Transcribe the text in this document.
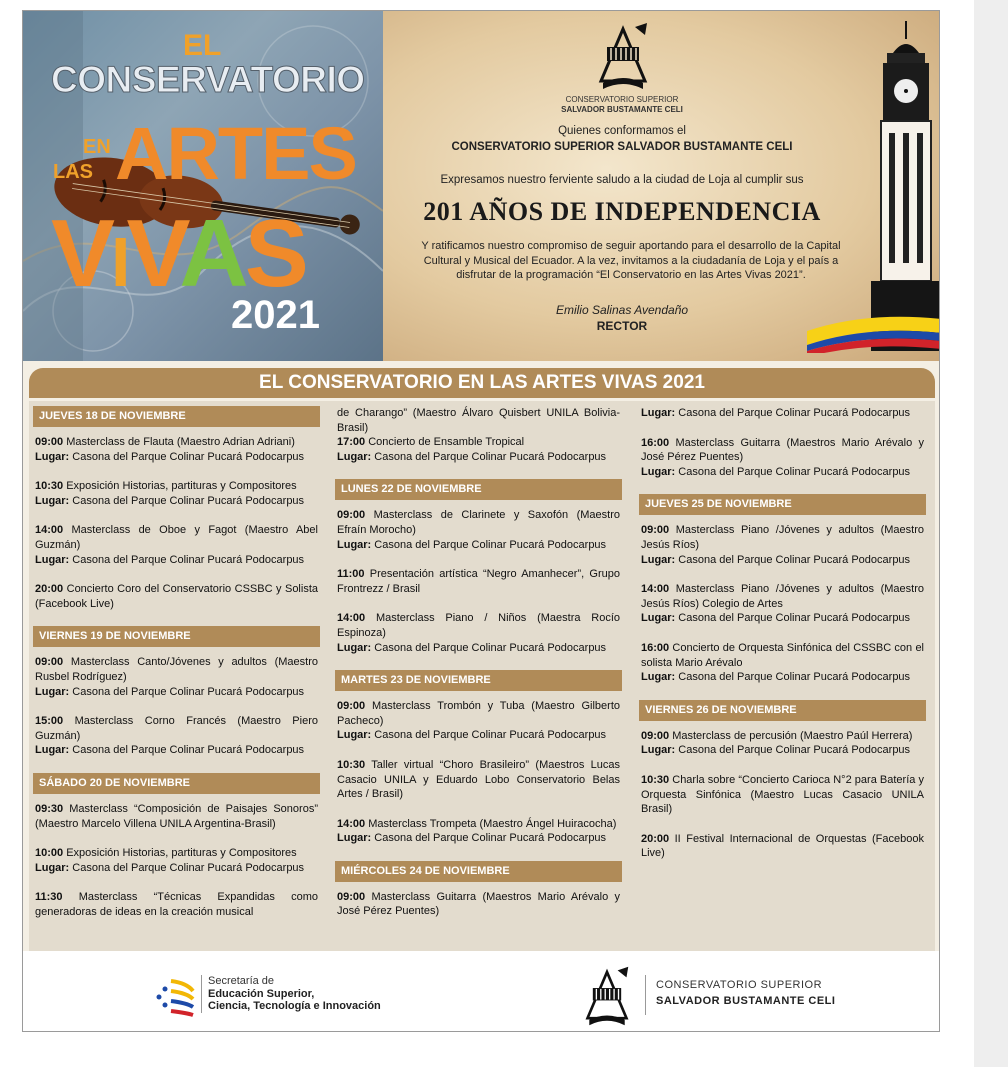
EL
CONSERVATORIO
ARTES
EN
LAS
VIVAS
2021
CONSERVATORIO SUPERIOR
SALVADOR BUSTAMANTE CELI
Quienes conformamos el
CONSERVATORIO SUPERIOR SALVADOR BUSTAMANTE CELI
Expresamos nuestro ferviente saludo a la ciudad de Loja al cumplir sus
201 AÑOS DE INDEPENDENCIA
Y ratificamos nuestro compromiso de seguir aportando para el desarrollo de la Capital Cultural y Musical del Ecuador. A la vez, invitamos a la ciudadanía de Loja y el país a disfrutar de la programación “El Conservatorio en las Artes Vivas 2021”.
Emilio Salinas Avendaño
RECTOR
EL CONSERVATORIO EN LAS ARTES VIVAS 2021
JUEVES 18 DE NOVIEMBRE

09:00 Masterclass de Flauta (Maestro Adrian Adriani)

Lugar: Casona del Parque Colinar Pucará Podocarpus

10:30 Exposición Historias, partituras y Compositores

Lugar: Casona del Parque Colinar Pucará Podocarpus

14:00 Masterclass de Oboe y Fagot (Maestro Abel Guzmán)

Lugar: Casona del Parque Colinar Pucará Podocarpus

20:00 Concierto Coro del Conservatorio CSSBC y Solista (Facebook Live)

VIERNES 19 DE NOVIEMBRE

09:00 Masterclass Canto/Jóvenes y adultos (Maestro Rusbel Rodríguez)

Lugar: Casona del Parque Colinar Pucará Podocarpus

15:00 Masterclass Corno Francés (Maestro Piero Guzmán)

Lugar: Casona del Parque Colinar Pucará Podocarpus

SÁBADO 20 DE NOVIEMBRE

09:30 Masterclass “Composición de Paisajes Sonoros” (Maestro Marcelo Villena UNILA Argentina-Brasil)

10:00 Exposición Historias, partituras y Compositores

Lugar: Casona del Parque Colinar Pucará Podocarpus

11:30 Masterclass “Técnicas Expandidas como generadoras de ideas en la creación musical

de Charango” (Maestro Álvaro Quisbert UNILA Bolivia- Brasil)

17:00 Concierto de Ensamble Tropical

Lugar: Casona del Parque Colinar Pucará Podocarpus

LUNES 22 DE NOVIEMBRE

09:00 Masterclass de Clarinete y Saxofón (Maestro Efraín Morocho)

Lugar: Casona del Parque Colinar Pucará Podocarpus

11:00 Presentación artística “Negro Amanhecer”, Grupo Frontrezz / Brasil

14:00 Masterclass Piano / Niños (Maestra Rocío Espinoza)

Lugar: Casona del Parque Colinar Pucará Podocarpus

MARTES 23 DE NOVIEMBRE

09:00 Masterclass Trombón y Tuba (Maestro Gilberto Pacheco)

Lugar: Casona del Parque Colinar Pucará Podocarpus

10:30 Taller virtual “Choro Brasileiro” (Maestros Lucas Casacio UNILA y Eduardo Lobo Conservatorio Belas Artes / Brasil)

14:00 Masterclass Trompeta (Maestro Ángel Huiracocha)

Lugar: Casona del Parque Colinar Pucará Podocarpus

MIÉRCOLES 24 DE NOVIEMBRE

09:00 Masterclass Guitarra (Maestros Mario Arévalo y José Pérez Puentes)

Lugar: Casona del Parque Colinar Pucará Podocarpus

16:00 Masterclass Guitarra (Maestros Mario Arévalo y José Pérez Puentes)

Lugar: Casona del Parque Colinar Pucará Podocarpus

JUEVES 25 DE NOVIEMBRE

09:00 Masterclass Piano /Jóvenes y adultos (Maestro Jesús Ríos)

Lugar: Casona del Parque Colinar Pucará Podocarpus

14:00 Masterclass Piano /Jóvenes y adultos (Maestro Jesús Ríos) Colegio de Artes

Lugar: Casona del Parque Colinar Pucará Podocarpus

16:00 Concierto de Orquesta Sinfónica del CSSBC con el solista Mario Arévalo

Lugar: Casona del Parque Colinar Pucará Podocarpus

VIERNES 26 DE NOVIEMBRE

09:00 Masterclass de percusión (Maestro Paúl Herrera)

Lugar: Casona del Parque Colinar Pucará Podocarpus

10:30 Charla sobre “Concierto Carioca N°2 para Batería y Orquesta Sinfónica (Maestro Lucas Casacio UNILA Brasil)

20:00 II Festival Internacional de Orquestas (Facebook Live)

Secretaría de
Educación Superior,
Ciencia, Tecnología e Innovación
CONSERVATORIO SUPERIOR
SALVADOR BUSTAMANTE CELI
